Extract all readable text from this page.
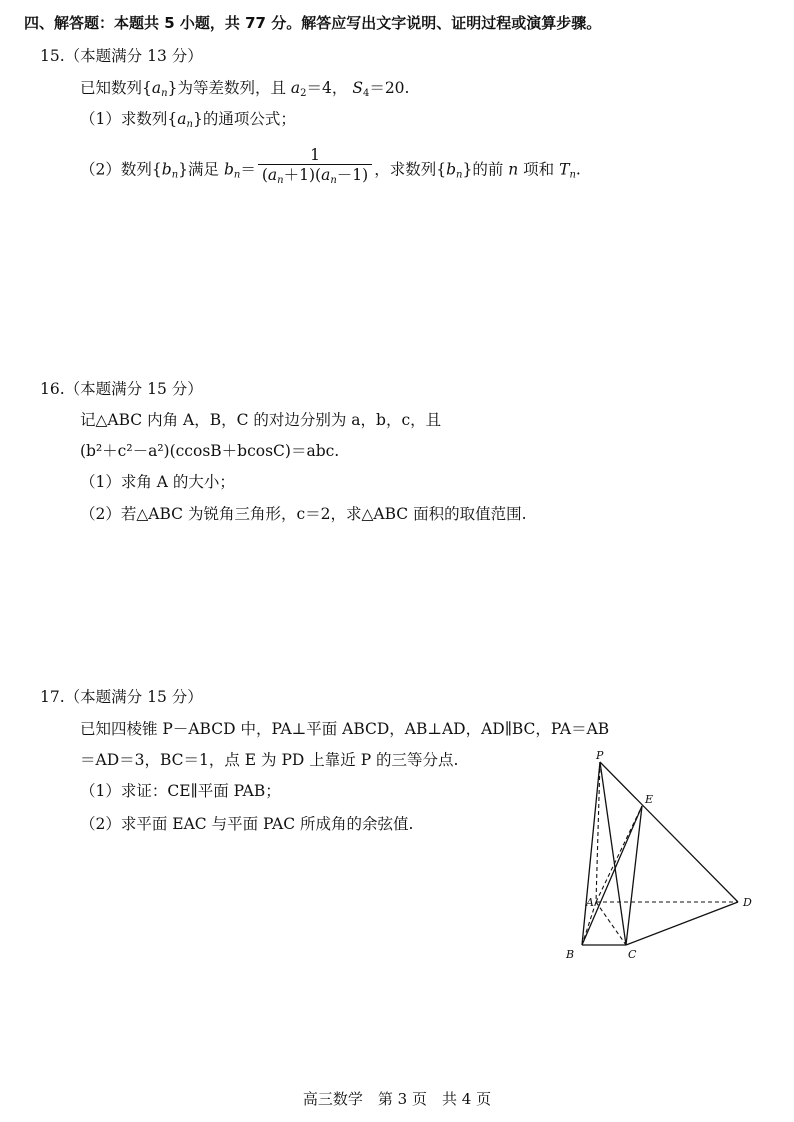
四、解答题：本题共 5 小题，共 77 分。解答应写出文字说明、证明过程或演算步骤。
15.（本题满分 13 分）
已知数列$\{a_n\}$为等差数列，且 $a_2=4$， $S_4=20$.
（1）求数列$\{a_n\}$的通项公式；
（2）数列$\{b_n\}$满足 $b_n= \frac{1}{(a_n+1)(a_n-1)}$ ，求数列$\{b_n\}$的前 n 项和 $T_n$.
16.（本题满分 15 分）
记△ABC 内角 A，B，C 的对边分别为 a，b，c，且
(b²＋c²－a²)(ccosB＋bcosC)＝abc.
（1）求角 A 的大小；
（2）若△ABC 为锐角三角形，c＝2，求△ABC 面积的取值范围.
17.（本题满分 15 分）
已知四棱锥 P－ABCD 中，PA⊥平面 ABCD，AB⊥AD，AD∥BC，PA＝AB
＝AD＝3，BC＝1，点 E 为 PD 上靠近 P 的三等分点.
（1）求证：CE∥平面 PAB；
（2）求平面 EAC 与平面 PAC 所成角的余弦值.
P
E
A	D
B	C
高三数学　第 3 页　共 4 页
